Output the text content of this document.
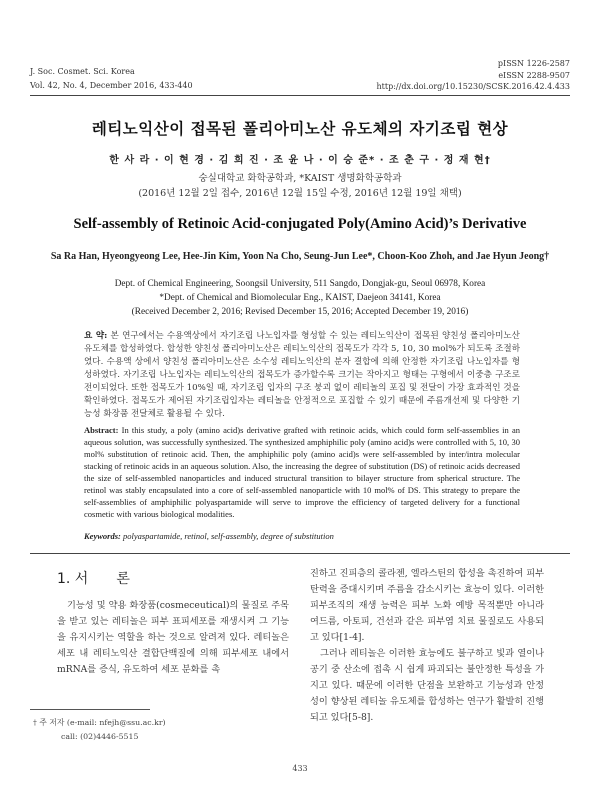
J. Soc. Cosmet. Sci. Korea
Vol. 42, No. 4, December 2016, 433-440
pISSN 1226-2587
eISSN 2288-9507
http://dx.doi.org/10.15230/SCSK.2016.42.4.433
레티노익산이 접목된 폴리아미노산 유도체의 자기조립 현상
한 사 라 · 이 현 경 · 김 희 진 · 조 윤 나 · 이 승 준* · 조 춘 구 · 정 재 현†
숭실대학교 화학공학과, *KAIST 생명화학공학과
(2016년 12월 2일 접수, 2016년 12월 15일 수정, 2016년 12월 19일 채택)
Self-assembly of Retinoic Acid-conjugated Poly(Amino Acid)’s Derivative
Sa Ra Han, Hyeongyeong Lee, Hee-Jin Kim, Yoon Na Cho, Seung-Jun Lee*, Choon-Koo Zhoh, and Jae Hyun Jeong†
Dept. of Chemical Engineering, Soongsil University, 511 Sangdo, Dongjak-gu, Seoul 06978, Korea
*Dept. of Chemical and Biomolecular Eng., KAIST, Daejeon 34141, Korea
(Received December 2, 2016; Revised December 15, 2016; Accepted December 19, 2016)
요 약: 본 연구에서는 수용액상에서 자기조립 나노입자를 형성할 수 있는 레티노익산이 접목된 양친성 폴리아미노산 유도체를 합성하였다. 합성한 양친성 폴리아미노산은 레티노익산의 접목도가 각각 5, 10, 30 mol%가 되도록 조절하였다. 수용액 상에서 양친성 폴리아미노산은 소수성 레티노익산의 분자 결합에 의해 안정한 자기조립 나노입자를 형성하였다. 자기조립 나노입자는 레티노익산의 접목도가 증가할수록 크기는 작아지고 형태는 구형에서 이중층 구조로 전이되었다. 또한 접목도가 10%일 때, 자기조립 입자의 구조 붕괴 없이 레티놀의 포집 및 전달이 가장 효과적인 것을 확인하였다. 접목도가 제어된 자기조립입자는 레티놀을 안정적으로 포집할 수 있기 때문에 주름개선제 및 다양한 기능성 화장품 전달체로 활용될 수 있다.
Abstract: In this study, a poly (amino acid)s derivative grafted with retinoic acids, which could form self-assemblies in an aqueous solution, was successfully synthesized. The synthesized amphiphilic poly (amino acid)s were controlled with 5, 10, 30 mol% substitution of retinoic acid. Then, the amphiphilic poly (amino acid)s were self-assembled by inter/intra molecular stacking of retinoic acids in an aqueous solution. Also, the increasing the degree of substitution (DS) of retinoic acids decreased the size of self-assembled nanoparticles and induced structural transition to bilayer structure from spherical structure. The retinol was stably encapsulated into a core of self-assembled nanoparticle with 10 mol% of DS. This strategy to prepare the self-assemblies of amphiphilic polyaspartamide will serve to improve the efficiency of targeted delivery for a functional cosmetic with various biological modalities.
Keywords: polyaspartamide, retinol, self-assembly, degree of substitution
1. 서　　론
기능성 및 약용 화장품(cosmeceutical)의 물질로 주목을 받고 있는 레티놀은 피부 표피세포를 재생시켜 그 기능을 유지시키는 역할을 하는 것으로 알려져 있다. 레티놀은 세포 내 레티노익산 결합단백질에 의해 피부세포 내에서 mRNA를 증식, 유도하여 세포 분화를 촉
진하고 진피층의 콜라젠, 엘라스틴의 합성을 촉진하여 피부탄력을 증대시키며 주름을 감소시키는 효능이 있다. 이러한 피부조직의 재생 능력은 피부 노화 예방 목적뿐만 아니라 여드름, 아토피, 건선과 같은 피부염 치료 물질로도 사용되고 있다[1-4].
그러나 레티놀은 이러한 효능에도 불구하고 빛과 열이나 공기 중 산소에 접촉 시 쉽게 파괴되는 불안정한 특성을 가지고 있다. 때문에 이러한 단점을 보완하고 기능성과 안정성이 향상된 레티놀 유도체를 합성하는 연구가 활발히 진행되고 있다[5-8].
† 주 저자 (e-mail: nfejh@ssu.ac.kr)
call: (02)4446-5515
433
